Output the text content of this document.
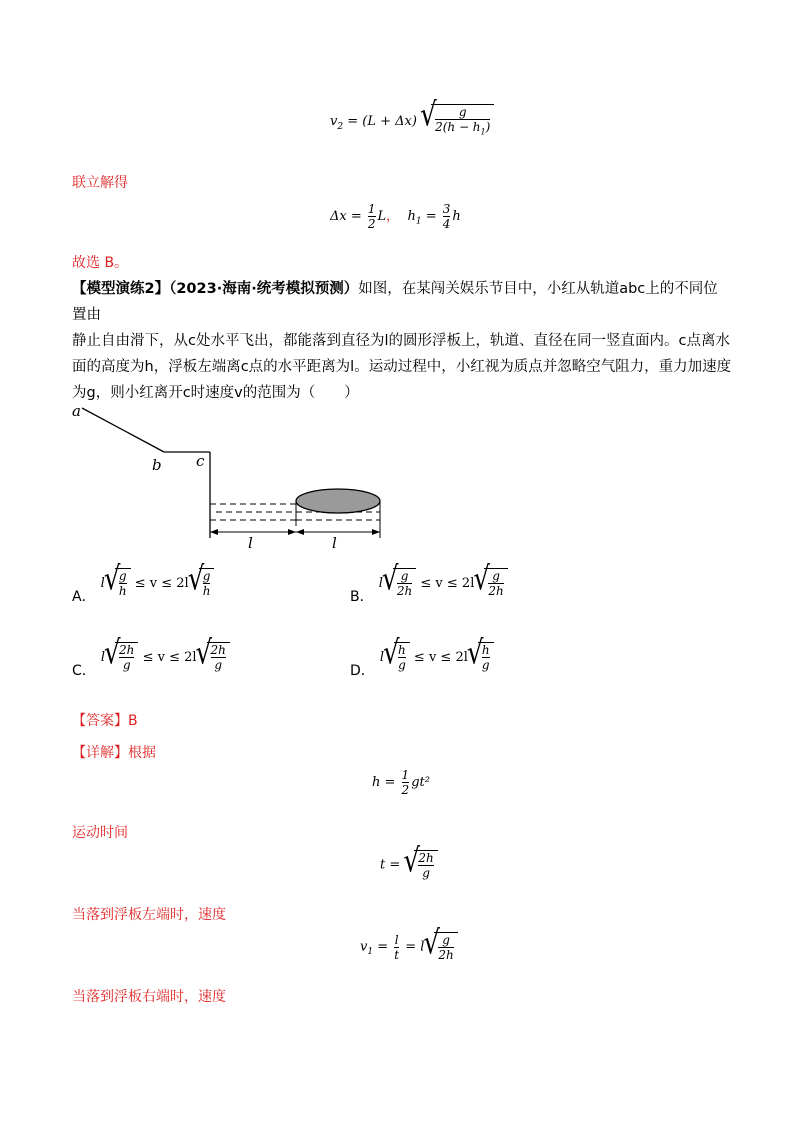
$v_2 = (L + \Delta x)$ √ $\frac{g}{2(h - h_1)}$
联立解得
$\Delta x = \frac{1}{2}$ L， $h_1 = \frac{3}{4}$ h
故选 B。
【模型演练2】（2023·海南·统考模拟预测）如图，在某闯关娱乐节目中，小红从轨道abc上的不同位置由
静止自由滑下，从c处水平飞出，都能落到直径为l的圆形浮板上，轨道、直径在同一竖直面内。c点离水
面的高度为h，浮板左端离c点的水平距离为l。运动过程中，小红视为质点并忽略空气阻力，重力加速度
为g，则小红离开c时速度v的范围为（　　）
a
b c
l	l
A． l √ $\frac{g}{h} \le v \le 2l$ √ $\frac{g}{h}$	B． l √ $\frac{g}{2h} \le v \le 2l$ √ $\frac{g}{2h}$
C． l √ $\frac{2h}{g} \le v \le 2l$ √ $\frac{2h}{g}$	D． l √ $\frac{h}{g} \le v \le 2l$ √ $\frac{h}{g}$
【答案】B
【详解】根据
$h = \frac{1}{2} gt^2$
运动时间
t = √ $\frac{2h}{g}$
当落到浮板左端时，速度
$v_1 = \frac{l}{t} = l$ √ $\frac{g}{2h}$
当落到浮板右端时，速度
